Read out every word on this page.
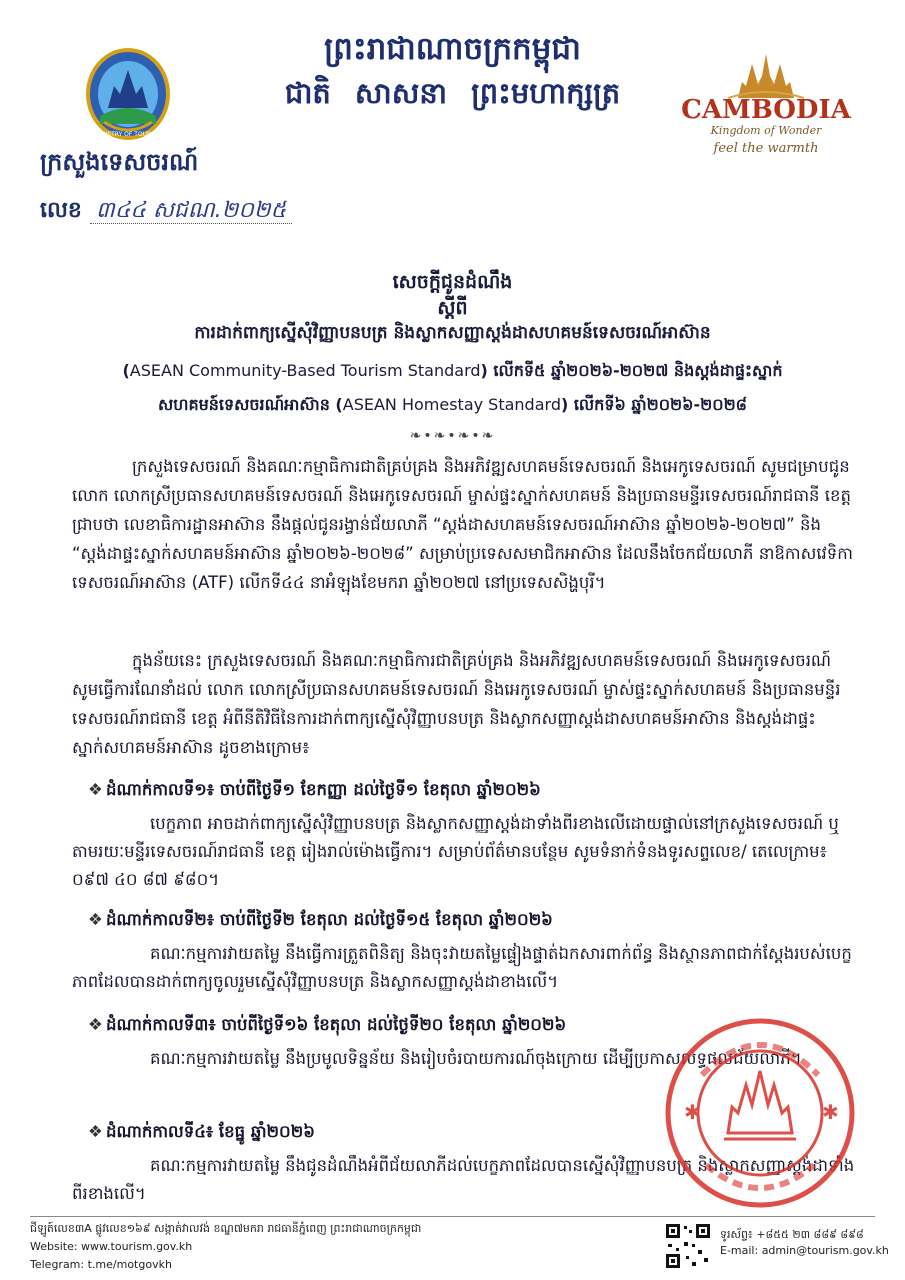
ព្រះរាជាណាចក្រកម្ពុជា
ជាតិ សាសនា ព្រះមហាក្សត្រ
MINISTRY OF TOURISM
CAMBODIA
Kingdom of Wonder
feel the warmth
ក្រសួងទេសចរណ៍
លេខ ៣៤៤ សជណ.២០២៥
សេចក្តីជូនដំណឹង
ស្តីពី
ការដាក់ពាក្យស្នើសុំវិញ្ញាបនបត្រ និងស្លាកសញ្ញាស្តង់ដាសហគមន៍ទេសចរណ៍អាស៊ាន
(ASEAN Community-Based Tourism Standard) លើកទី៥ ឆ្នាំ២០២៦-២០២៧ និងស្តង់ដាផ្ទះស្នាក់
សហគមន៍ទេសចរណ៍អាស៊ាន (ASEAN Homestay Standard) លើកទី៦ ឆ្នាំ២០២៦-២០២៨
❧•❧•❧•❧
ក្រសួងទេសចរណ៍ និងគណៈកម្មាធិការជាតិគ្រប់គ្រង និងអភិវឌ្ឍសហគមន៍ទេសចរណ៍ និងអេកូទេសចរណ៍ សូមជម្រាបជូន លោក លោកស្រីប្រធានសហគមន៍ទេសចរណ៍ និងអេកូទេសចរណ៍ ម្ចាស់ផ្ទះស្នាក់សហគមន៍ និងប្រធានមន្ទីរទេសចរណ៍រាជធានី ខេត្ត ជ្រាបថា លេខាធិការដ្ឋានអាស៊ាន នឹងផ្តល់ជូនរង្វាន់ជ័យលាភី “ស្តង់ដាសហគមន៍ទេសចរណ៍អាស៊ាន ឆ្នាំ២០២៦-២០២៧” និង “ស្តង់ដាផ្ទះស្នាក់សហគមន៍អាស៊ាន ឆ្នាំ២០២៦-២០២៨” សម្រាប់ប្រទេសសមាជិកអាស៊ាន ដែលនឹងចែកជ័យលាភី នាឱកាសវេទិកាទេសចរណ៍អាស៊ាន (ATF) លើកទី៤៤ នាអំឡុងខែមករា ឆ្នាំ២០២៧ នៅប្រទេសសិង្ហបុរី។
ក្នុងន័យនេះ ក្រសួងទេសចរណ៍ និងគណៈកម្មាធិការជាតិគ្រប់គ្រង និងអភិវឌ្ឍសហគមន៍ទេសចរណ៍ និងអេកូទេសចរណ៍ សូមធ្វើការណែនាំដល់ លោក លោកស្រីប្រធានសហគមន៍ទេសចរណ៍ និងអេកូទេសចរណ៍ ម្ចាស់ផ្ទះស្នាក់សហគមន៍ និងប្រធានមន្ទីរទេសចរណ៍រាជធានី ខេត្ត អំពីនីតិវិធីនៃការដាក់ពាក្យស្នើសុំវិញ្ញាបនបត្រ និងស្លាកសញ្ញាស្តង់ដាសហគមន៍អាស៊ាន និងស្តង់ដាផ្ទះស្នាក់សហគមន៍អាស៊ាន ដូចខាងក្រោម៖
❖ ដំណាក់កាលទី១៖ ចាប់ពីថ្ងៃទី១ ខែកញ្ញា ដល់ថ្ងៃទី១ ខែតុលា ឆ្នាំ២០២៦
បេក្ខភាព អាចដាក់ពាក្យស្នើសុំវិញ្ញាបនបត្រ និងស្លាកសញ្ញាស្តង់ដាទាំងពីរខាងលើដោយផ្ទាល់នៅក្រសួងទេសចរណ៍ ឬតាមរយៈមន្ទីរទេសចរណ៍រាជធានី ខេត្ត រៀងរាល់ម៉ោងធ្វើការ។ សម្រាប់ព័ត៌មានបន្ថែម សូមទំនាក់ទំនងទូរសព្ទលេខ/ តេលេក្រាម៖ ០៩៧ ៤០ ៨៧ ៩៨០។
❖ ដំណាក់កាលទី២៖ ចាប់ពីថ្ងៃទី២ ខែតុលា ដល់ថ្ងៃទី១៥ ខែតុលា ឆ្នាំ២០២៦
គណៈកម្មការវាយតម្លៃ នឹងធ្វើការត្រួតពិនិត្យ និងចុះវាយតម្លៃផ្ទៀងផ្ទាត់ឯកសារពាក់ព័ន្ធ និងស្ថានភាពជាក់ស្តែងរបស់បេក្ខភាពដែលបានដាក់ពាក្យចូលរួមស្នើសុំវិញ្ញាបនបត្រ និងស្លាកសញ្ញាស្តង់ដាខាងលើ។
❖ ដំណាក់កាលទី៣៖ ចាប់ពីថ្ងៃទី១៦ ខែតុលា ដល់ថ្ងៃទី២០ ខែតុលា ឆ្នាំ២០២៦
គណៈកម្មការវាយតម្លៃ នឹងប្រមូលទិន្នន័យ និងរៀបចំរបាយការណ៍ចុងក្រោយ ដើម្បីប្រកាសលទ្ធផលជ័យលាភី។
❖ ដំណាក់កាលទី៤៖ ខែធ្នូ ឆ្នាំ២០២៦
គណៈកម្មការវាយតម្លៃ នឹងជូនដំណឹងអំពីជ័យលាភីដល់បេក្ខភាពដែលបានស្នើសុំវិញ្ញាបនបត្រ និងស្លាកសញ្ញាស្តង់ដាទាំងពីរខាងលើ។
✱	✱
ជីឡូត៍លេខ៣A ផ្លូវលេខ១៦៩ សង្កាត់វាលវង់ ខណ្ឌ៧មករា រាជធានីភ្នំពេញ ព្រះរាជាណាចក្រកម្ពុជា
Website: www.tourism.gov.kh
Telegram: t.me/motgovkh
ទូរស័ព្ទ៖ +៨៥៥ ២៣ ៨៨៩ ៨៩៨
E-mail: admin@tourism.gov.kh
